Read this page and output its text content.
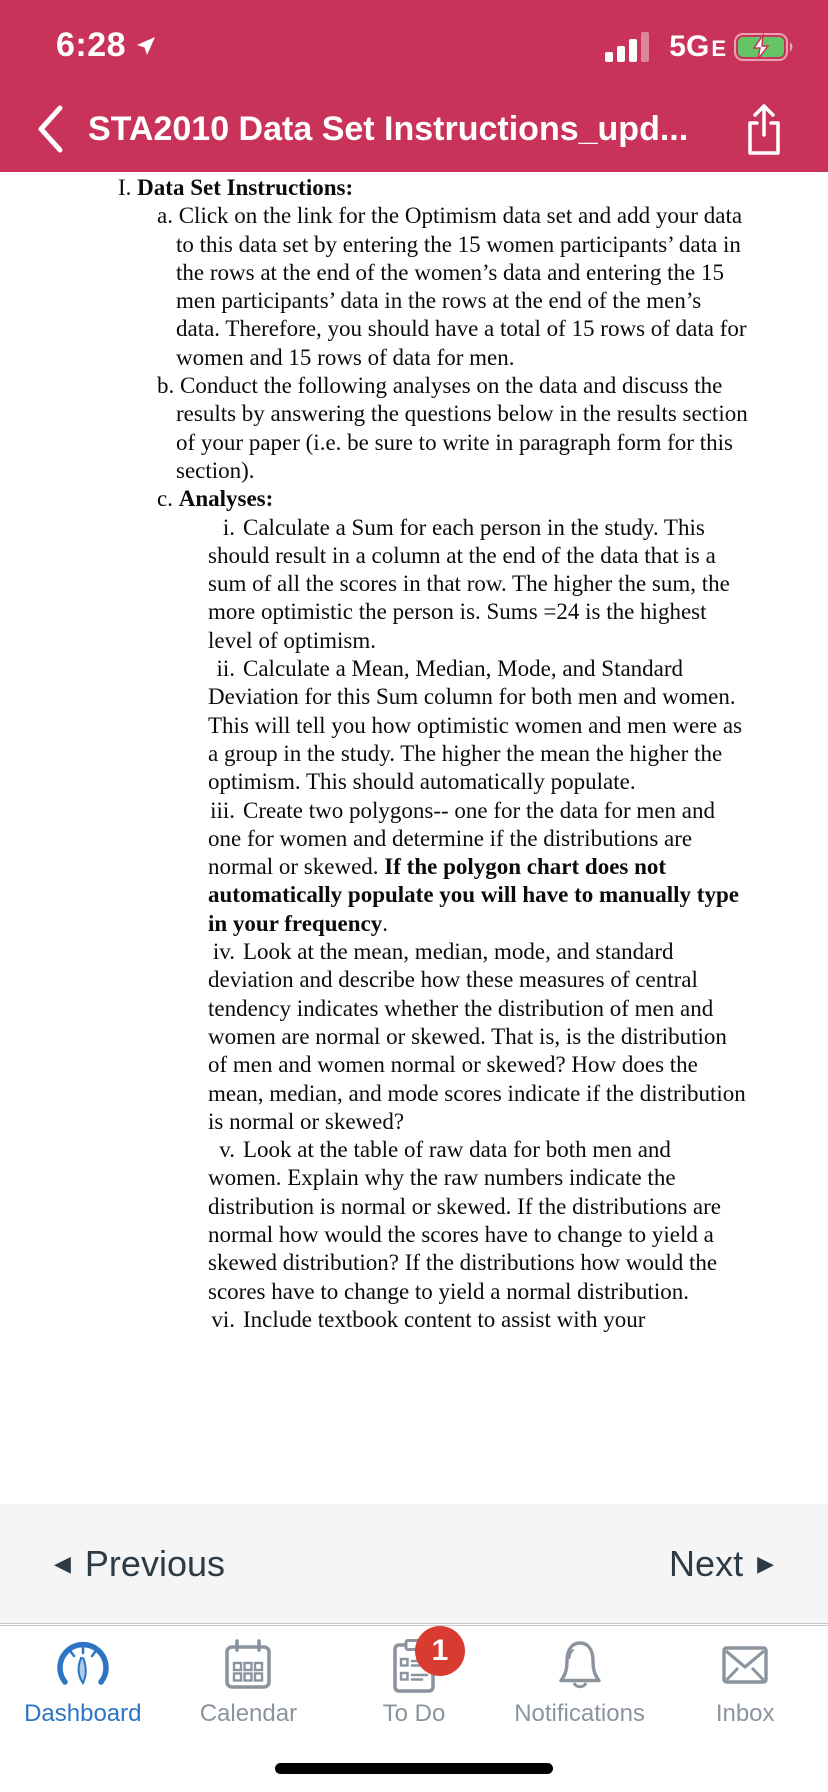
6:28	5G E
STA2010 Data Set Instructions_upd...
I. Data Set Instructions:
a. Click on the link for the Optimism data set and add your data to this data set by entering the 15 women participants’ data in the rows at the end of the women’s data and entering the 15 men participants’ data in the rows at the end of the men’s data. Therefore, you should have a total of 15 rows of data for women and 15 rows of data for men.
b. Conduct the following analyses on the data and discuss the results by answering the questions below in the results section of your paper (i.e. be sure to write in paragraph form for this section).
c. Analyses:
i. Calculate a Sum for each person in the study. This should result in a column at the end of the data that is a sum of all the scores in that row. The higher the sum, the more optimistic the person is. Sums =24 is the highest level of optimism.
ii. Calculate a Mean, Median, Mode, and Standard Deviation for this Sum column for both men and women. This will tell you how optimistic women and men were as a group in the study. The higher the mean the higher the optimism. This should automatically populate.
iii. Create two polygons-- one for the data for men and one for women and determine if the distributions are normal or skewed. If the polygon chart does not automatically populate you will have to manually type in your frequency.
iv. Look at the mean, median, mode, and standard deviation and describe how these measures of central tendency indicates whether the distribution of men and women are normal or skewed. That is, is the distribution of men and women normal or skewed? How does the mean, median, and mode scores indicate if the distribution is normal or skewed?
v. Look at the table of raw data for both men and women. Explain why the raw numbers indicate the distribution is normal or skewed. If the distributions are normal how would the scores have to change to yield a skewed distribution? If the distributions how would the scores have to change to yield a normal distribution.
vi. Include textbook content to assist with your
◀ Previous	Next ▶
Dashboard Calendar
1
To Do	Notifications	Inbox
